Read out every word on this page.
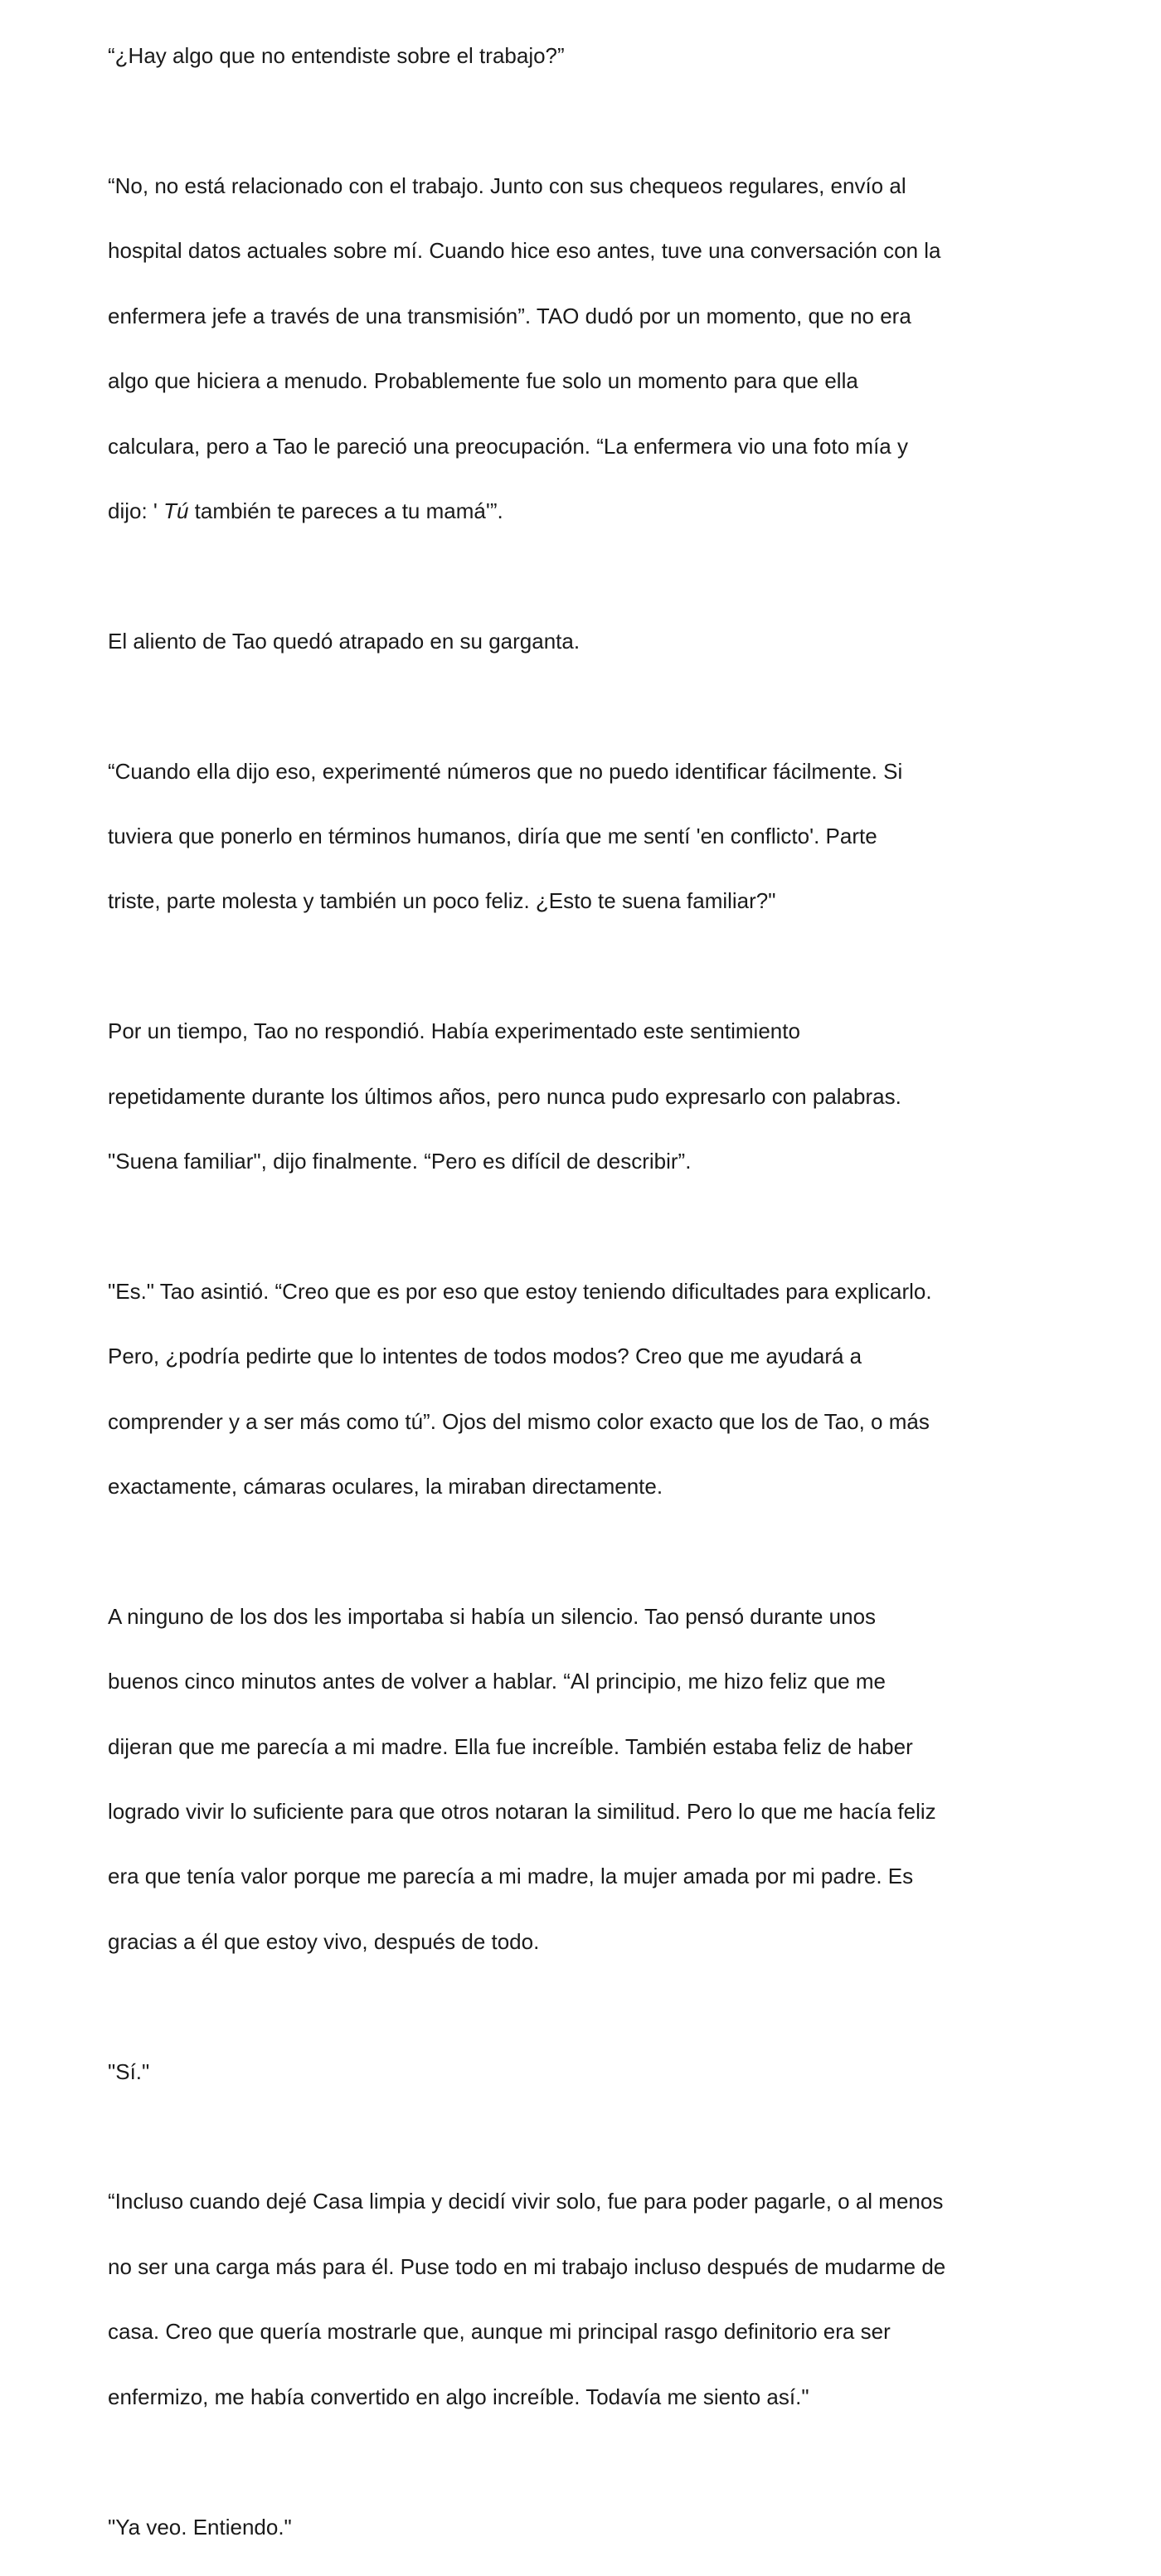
“¿Hay algo que no entendiste sobre el trabajo?”

“No, no está relacionado con el trabajo. Junto con sus chequeos regulares, envío al

hospital datos actuales sobre mí. Cuando hice eso antes, tuve una conversación con la

enfermera jefe a través de una transmisión”. TAO dudó por un momento, que no era

algo que hiciera a menudo. Probablemente fue solo un momento para que ella

calculara, pero a Tao le pareció una preocupación. “La enfermera vio una foto mía y

dijo: ' Tú también te pareces a tu mamá'”.

El aliento de Tao quedó atrapado en su garganta.

“Cuando ella dijo eso, experimenté números que no puedo identificar fácilmente. Si

tuviera que ponerlo en términos humanos, diría que me sentí 'en conflicto'. Parte

triste, parte molesta y también un poco feliz. ¿Esto te suena familiar?"

Por un tiempo, Tao no respondió. Había experimentado este sentimiento

repetidamente durante los últimos años, pero nunca pudo expresarlo con palabras.

"Suena familiar", dijo finalmente. “Pero es difícil de describir”.

"Es." Tao asintió. “Creo que es por eso que estoy teniendo dificultades para explicarlo.

Pero, ¿podría pedirte que lo intentes de todos modos? Creo que me ayudará a

comprender y a ser más como tú”. Ojos del mismo color exacto que los de Tao, o más

exactamente, cámaras oculares, la miraban directamente.

A ninguno de los dos les importaba si había un silencio. Tao pensó durante unos

buenos cinco minutos antes de volver a hablar. “Al principio, me hizo feliz que me

dijeran que me parecía a mi madre. Ella fue increíble. También estaba feliz de haber

logrado vivir lo suficiente para que otros notaran la similitud. Pero lo que me hacía feliz

era que tenía valor porque me parecía a mi madre, la mujer amada por mi padre. Es

gracias a él que estoy vivo, después de todo.

"Sí."

“Incluso cuando dejé Casa limpia y decidí vivir solo, fue para poder pagarle, o al menos

no ser una carga más para él. Puse todo en mi trabajo incluso después de mudarme de

casa. Creo que quería mostrarle que, aunque mi principal rasgo definitorio era ser

enfermizo, me había convertido en algo increíble. Todavía me siento así."

"Ya veo. Entiendo."
